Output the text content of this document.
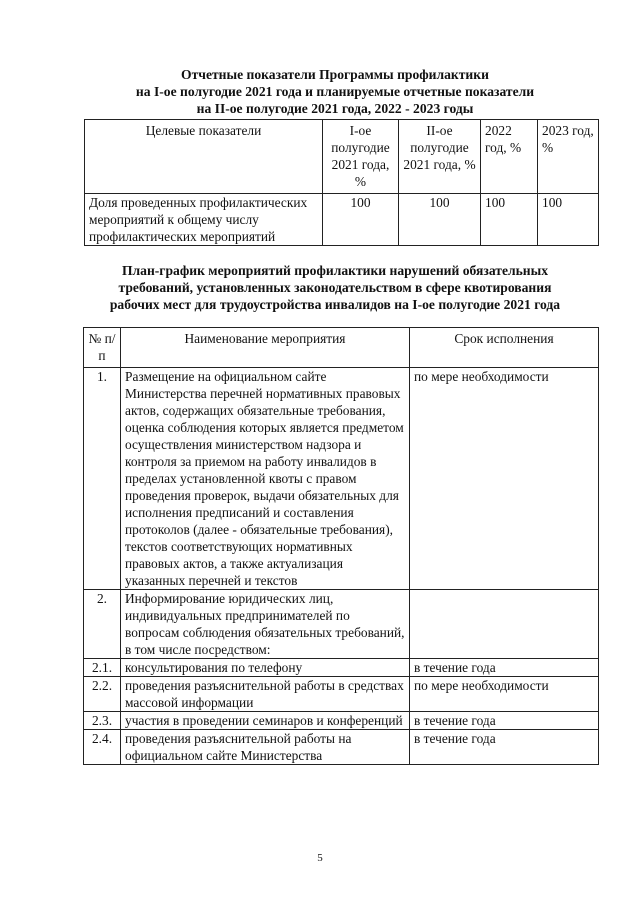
Отчетные показатели Программы профилактики
на I-ое полугодие 2021 года и планируемые отчетные показатели
на II-ое полугодие 2021 года, 2022 - 2023 годы
Целевые показатели	I-ое полугодие 2021 года, %	II-ое полугодие 2021 года, %	2022 год, %	2023 год, %
Доля проведенных профилактических мероприятий к общему числу профилактических мероприятий	100	100	100	100
План-график мероприятий профилактики нарушений обязательных
требований, установленных законодательством в сфере квотирования
рабочих мест для трудоустройства инвалидов на I-ое полугодие 2021 года
№ п/п	Наименование мероприятия	Срок исполнения
1.	Размещение на официальном сайте Министерства перечней нормативных правовых актов, содержащих обязательные требования, оценка соблюдения которых является предметом осуществления министерством надзора и контроля за приемом на работу инвалидов в пределах установленной квоты с правом проведения проверок, выдачи обязательных для исполнения предписаний и составления протоколов (далее - обязательные требования), текстов соответствующих нормативных правовых актов, а также актуализация указанных перечней и текстов	по мере необходимости
2.	Информирование юридических лиц, индивидуальных предпринимателей по вопросам соблюдения обязательных требований, в том числе посредством:	
2.1.	консультирования по телефону	в течение года
2.2.	проведения разъяснительной работы в средствах массовой информации	по мере необходимости
2.3.	участия в проведении семинаров и конференций	в течение года
2.4.	проведения разъяснительной работы на официальном сайте Министерства	в течение года
5
